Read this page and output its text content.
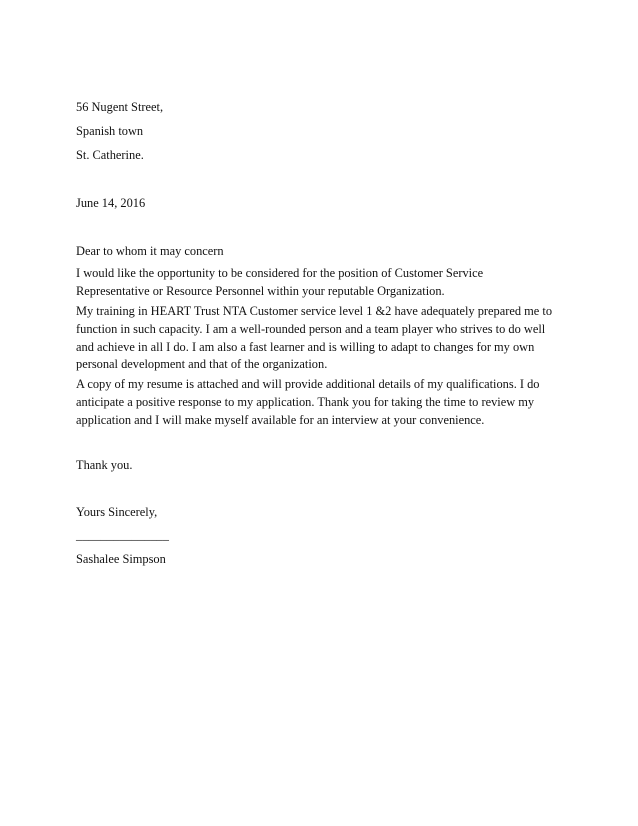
56 Nugent Street,
Spanish town
St. Catherine.
June 14, 2016
Dear to whom it may concern
I would like the opportunity to be considered for the position of Customer Service
Representative or Resource Personnel within your reputable Organization.
My training in HEART Trust NTA Customer service level 1 &2 have adequately prepared me to
function in such capacity. I am a well-rounded person and a team player who strives to do well
and achieve in all I do. I am also a fast learner and is willing to adapt to changes for my own
personal development and that of the organization.
A copy of my resume is attached and will provide additional details of my qualifications. I do
anticipate a positive response to my application. Thank you for taking the time to review my
application and I will make myself available for an interview at your convenience.
Thank you.
Yours Sincerely,
_______________
Sashalee Simpson
